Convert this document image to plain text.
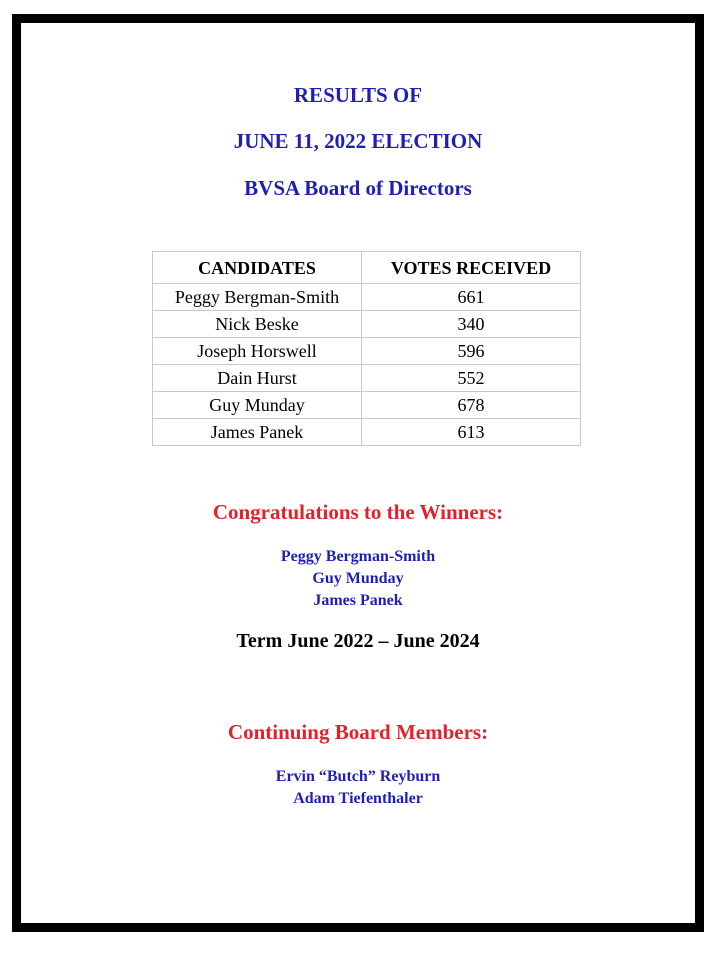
RESULTS OF
JUNE 11, 2022 ELECTION
BVSA Board of Directors
CANDIDATES	VOTES RECEIVED
Peggy Bergman-Smith	661
Nick Beske	340
Joseph Horswell	596
Dain Hurst	552
Guy Munday	678
James Panek	613
Congratulations to the Winners:
Peggy Bergman-Smith
Guy Munday
James Panek
Term June 2022 – June 2024
Continuing Board Members:
Ervin “Butch” Reyburn
Adam Tiefenthaler
